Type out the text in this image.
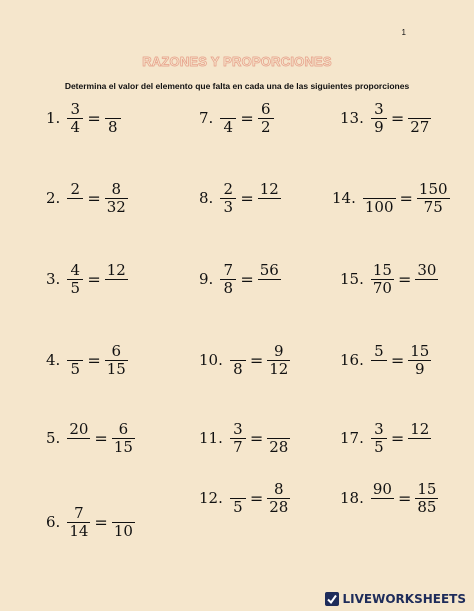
1
RAZONES Y PROPORCIONES
Determina el valor del elemento que falta en cada una de las siguientes proporciones
1. $\frac{3}{4} = 8$
2. $2 = \frac{8}{32}$
3. $\frac{4}{5} = 12$
4. $5 = \frac{6}{15}$
5. $20 = \frac{6}{15}$
6. $\frac{7}{14} = 10$
7. $4 = \frac{6}{2}$
8. $\frac{2}{3} = 12$
9. $\frac{7}{8} = 56$
10. $8 = \frac{9}{12}$
11. $\frac{3}{7} = 28$
12. $5 = \frac{8}{28}$
13. $\frac{3}{9} = 27$
14. $100 = \frac{150}{75}$
15. $\frac{15}{70} = 30$
16. $5 = \frac{15}{9}$
17. $\frac{3}{5} = 12$
18. $90 = \frac{15}{85}$
LIVEWORKSHEETS
